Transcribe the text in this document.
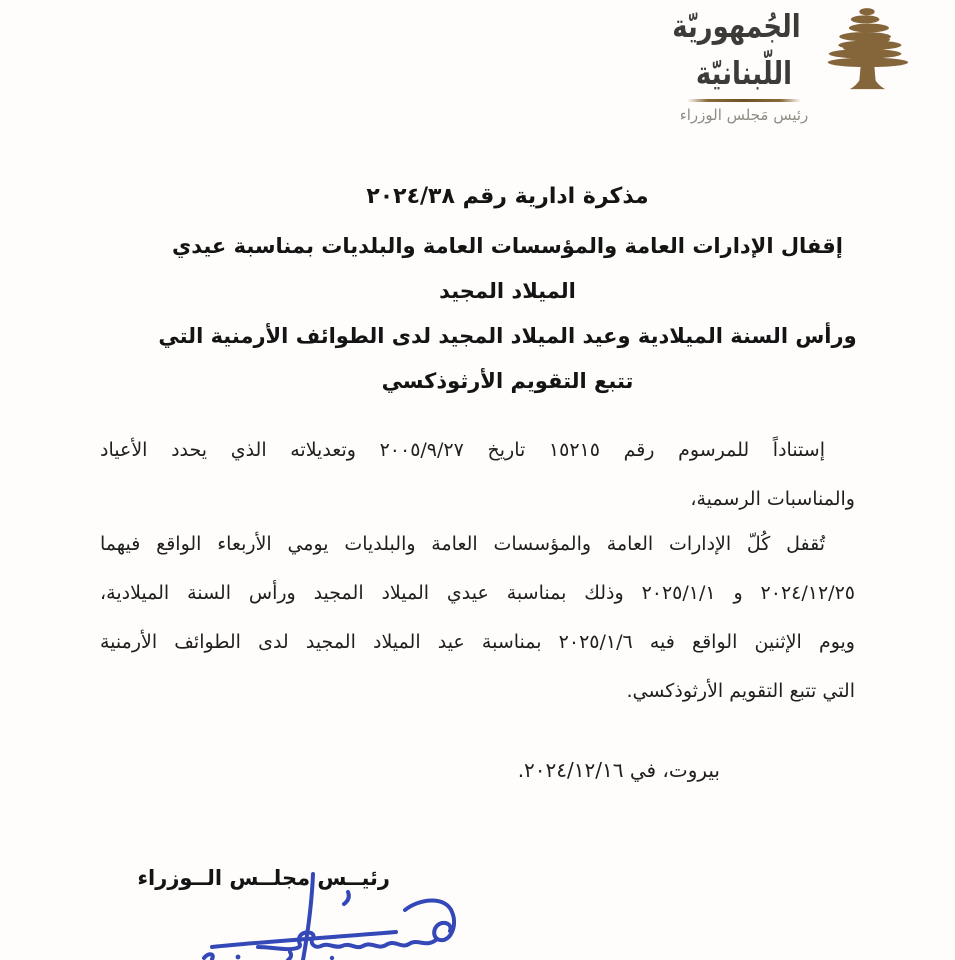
الجُمهوريّة
اللّبنانيّة
رئيس مَجلس الوزراء
مذكرة ادارية رقم ٢٠٢٤/٣٨
إقفال الإدارات العامة والمؤسسات العامة والبلديات بمناسبة عيدي الميلاد المجيد
ورأس السنة الميلادية وعيد الميلاد المجيد لدى الطوائف الأرمنية التي تتبع التقويم الأرثوذكسي
إستناداً للمرسوم رقم ١٥٢١٥ تاريخ ٢٠٠٥/٩/٢٧ وتعديلاته الذي يحدد الأعياد
والمناسبات الرسمية،
تُقفل كُلّ الإدارات العامة والمؤسسات العامة والبلديات يومي الأربعاء الواقع فيهما
٢٠٢٤/١٢/٢٥ و ٢٠٢٥/١/١ وذلك بمناسبة عيدي الميلاد المجيد ورأس السنة الميلادية،
ويوم الإثنين الواقع فيه ٢٠٢٥/١/٦ بمناسبة عيد الميلاد المجيد لدى الطوائف الأرمنية
التي تتبع التقويم الأرثوذكسي.
بيروت، في ٢٠٢٤/١٢/١٦.
رئيــس مجلــس الــوزراء
